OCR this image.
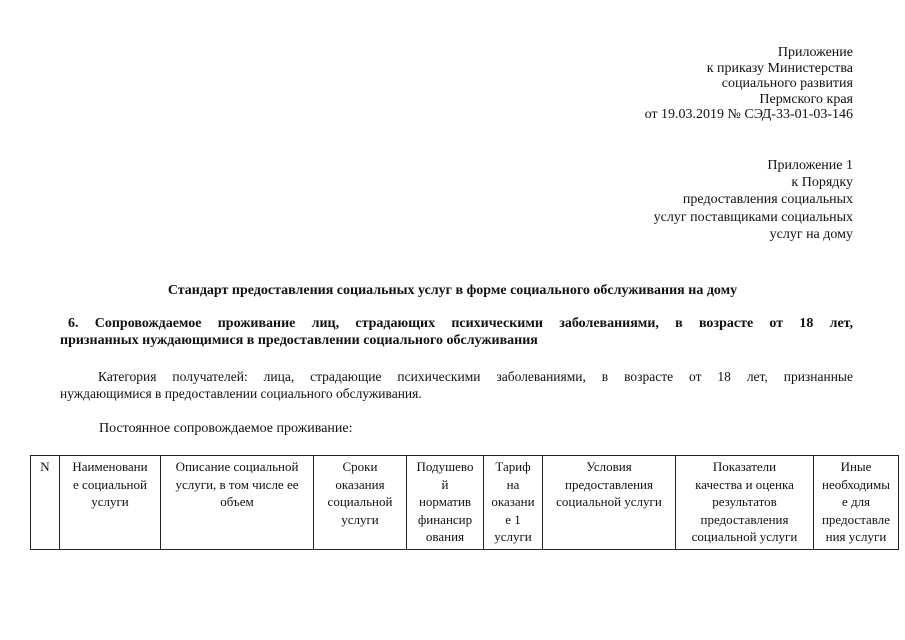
Приложение
к приказу Министерства
социального развития
Пермского края
от 19.03.2019 № СЭД-33-01-03-146
Приложение 1
к Порядку
предоставления социальных
услуг поставщиками социальных
услуг на дому
Стандарт предоставления социальных услуг в форме социального обслуживания на дому
6. Сопровождаемое проживание лиц, страдающих психическими заболеваниями, в возрасте от 18 лет,
признанных нуждающимися в предоставлении социального обслуживания
Категория получателей: лица, страдающие психическими заболеваниями, в возрасте от 18 лет, признанные
нуждающимися в предоставлении социального обслуживания.
Постоянное сопровождаемое проживание:
N	Наименовани
е социальной
услуги	Описание социальной
услуги, в том числе ее
объем	Сроки
оказания
социальной
услуги	Подушево
й
норматив
финансир
ования	Тариф
на
оказани
е 1
услуги	Условия
предоставления
социальной услуги	Показатели
качества и оценка
результатов
предоставления
социальной услуги	Иные
необходимы
е для
предоставле
ния услуги
